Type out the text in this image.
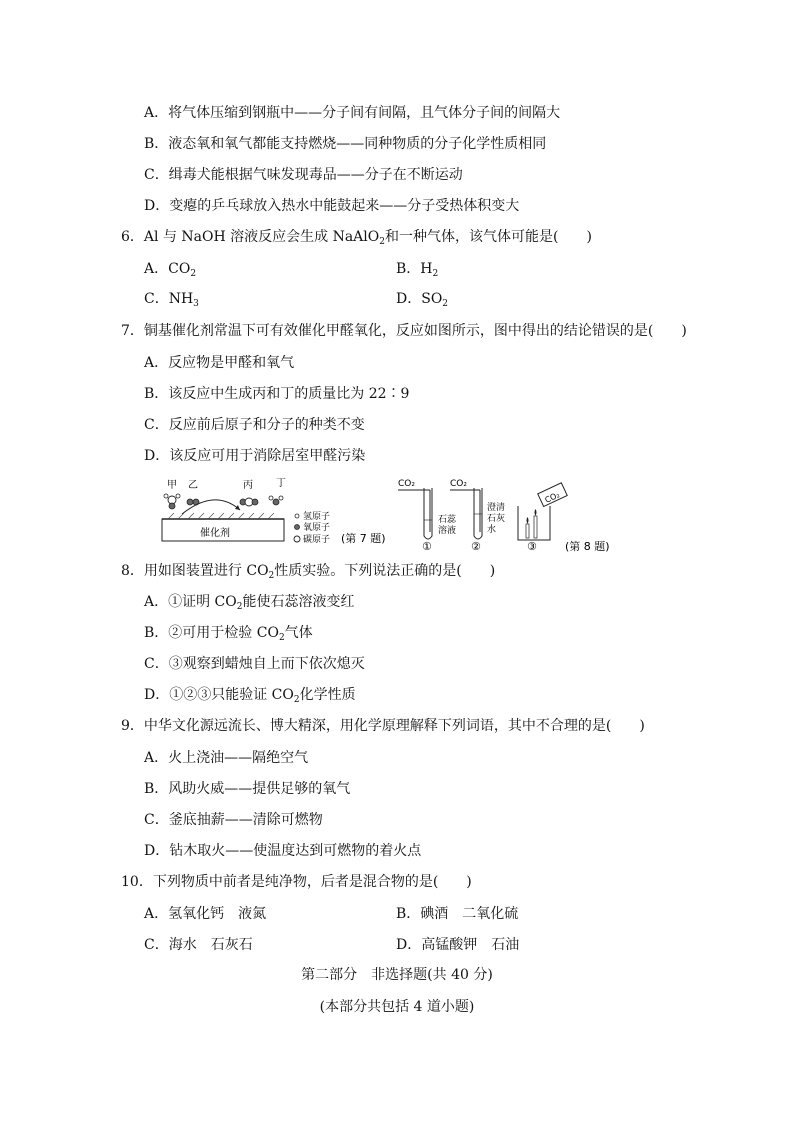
A．将气体压缩到钢瓶中——分子间有间隔，且气体分子间的间隔大
B．液态氧和氧气都能支持燃烧——同种物质的分子化学性质相同
C．缉毒犬能根据气味发现毒品——分子在不断运动
D．变瘪的乒乓球放入热水中能鼓起来——分子受热体积变大
6．Al 与 NaOH 溶液反应会生成 NaAlO$_2$和一种气体，该气体可能是(　　)
A．$CO_2$	B．$H_2$
C．$NH_3$	D．$SO_2$
7．铜基催化剂常温下可有效催化甲醛氧化，反应如图所示，图中得出的结论错误的是(　　)
A．反应物是甲醛和氧气
B．该反应中生成丙和丁的质量比为 22∶9
C．反应前后原子和分子的种类不变
D．该反应可用于消除居室甲醛污染
甲 乙	丙 丁
催化剂
氢原子
氧原子
碳原子 (第 7 题)
CO₂
石蕊
溶液
①
CO₂
澄清
石灰
水
②
CO₂
③	(第 8 题)
8．用如图装置进行 $CO_2$性质实验。下列说法正确的是(　　)
A．①证明 $CO_2$能使石蕊溶液变红
B．②可用于检验 $CO_2$气体
C．③观察到蜡烛自上而下依次熄灭
D．①②③只能验证 $CO_2$化学性质
9．中华文化源远流长、博大精深，用化学原理解释下列词语，其中不合理的是(　　)
A．火上浇油——隔绝空气
B．风助火威——提供足够的氧气
C．釜底抽薪——清除可燃物
D．钻木取火——使温度达到可燃物的着火点
10．下列物质中前者是纯净物，后者是混合物的是(　　)
A．氢氧化钙　液氮	B．碘酒　二氧化硫
C．海水　石灰石	D．高锰酸钾　石油
第二部分　非选择题(共 40 分)
(本部分共包括 4 道小题)
